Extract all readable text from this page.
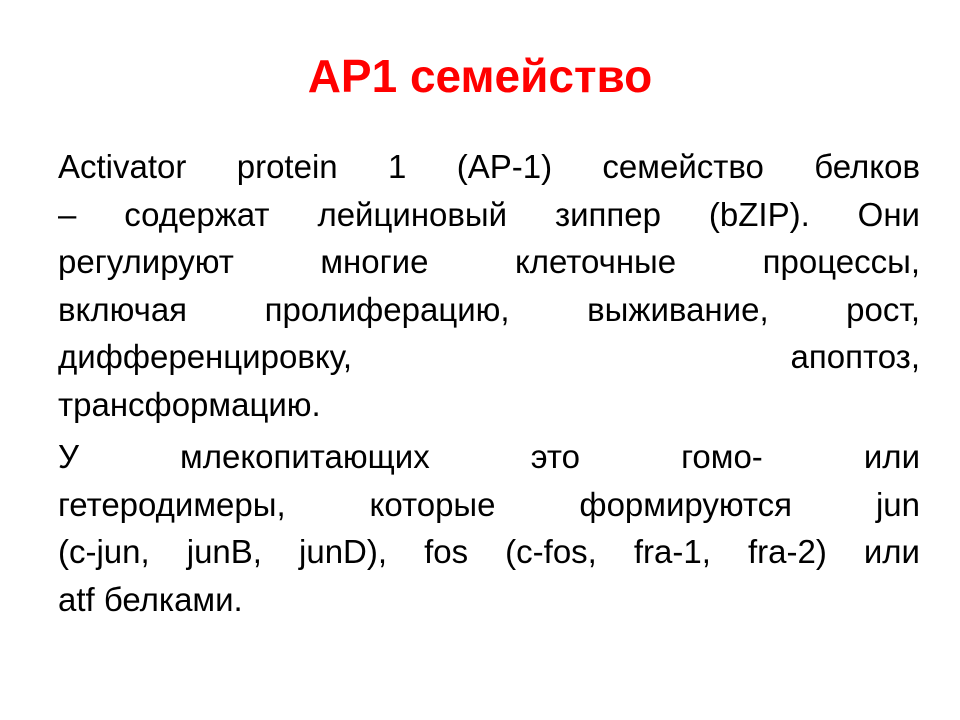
AP1 семейство

Activator protein 1 (AP-1) семейство белков
– содержат лейциновый зиппер (bZIP). Они
регулируют многие клеточные процессы,
включая пролиферацию, выживание, рост,
дифференцировку, апоптоз,
трансформацию.

У млекопитающих это гомо- или
гетеродимеры, которые формируются jun
(c-jun, junB, junD), fos (c-fos, fra-1, fra-2) или
atf белками.
